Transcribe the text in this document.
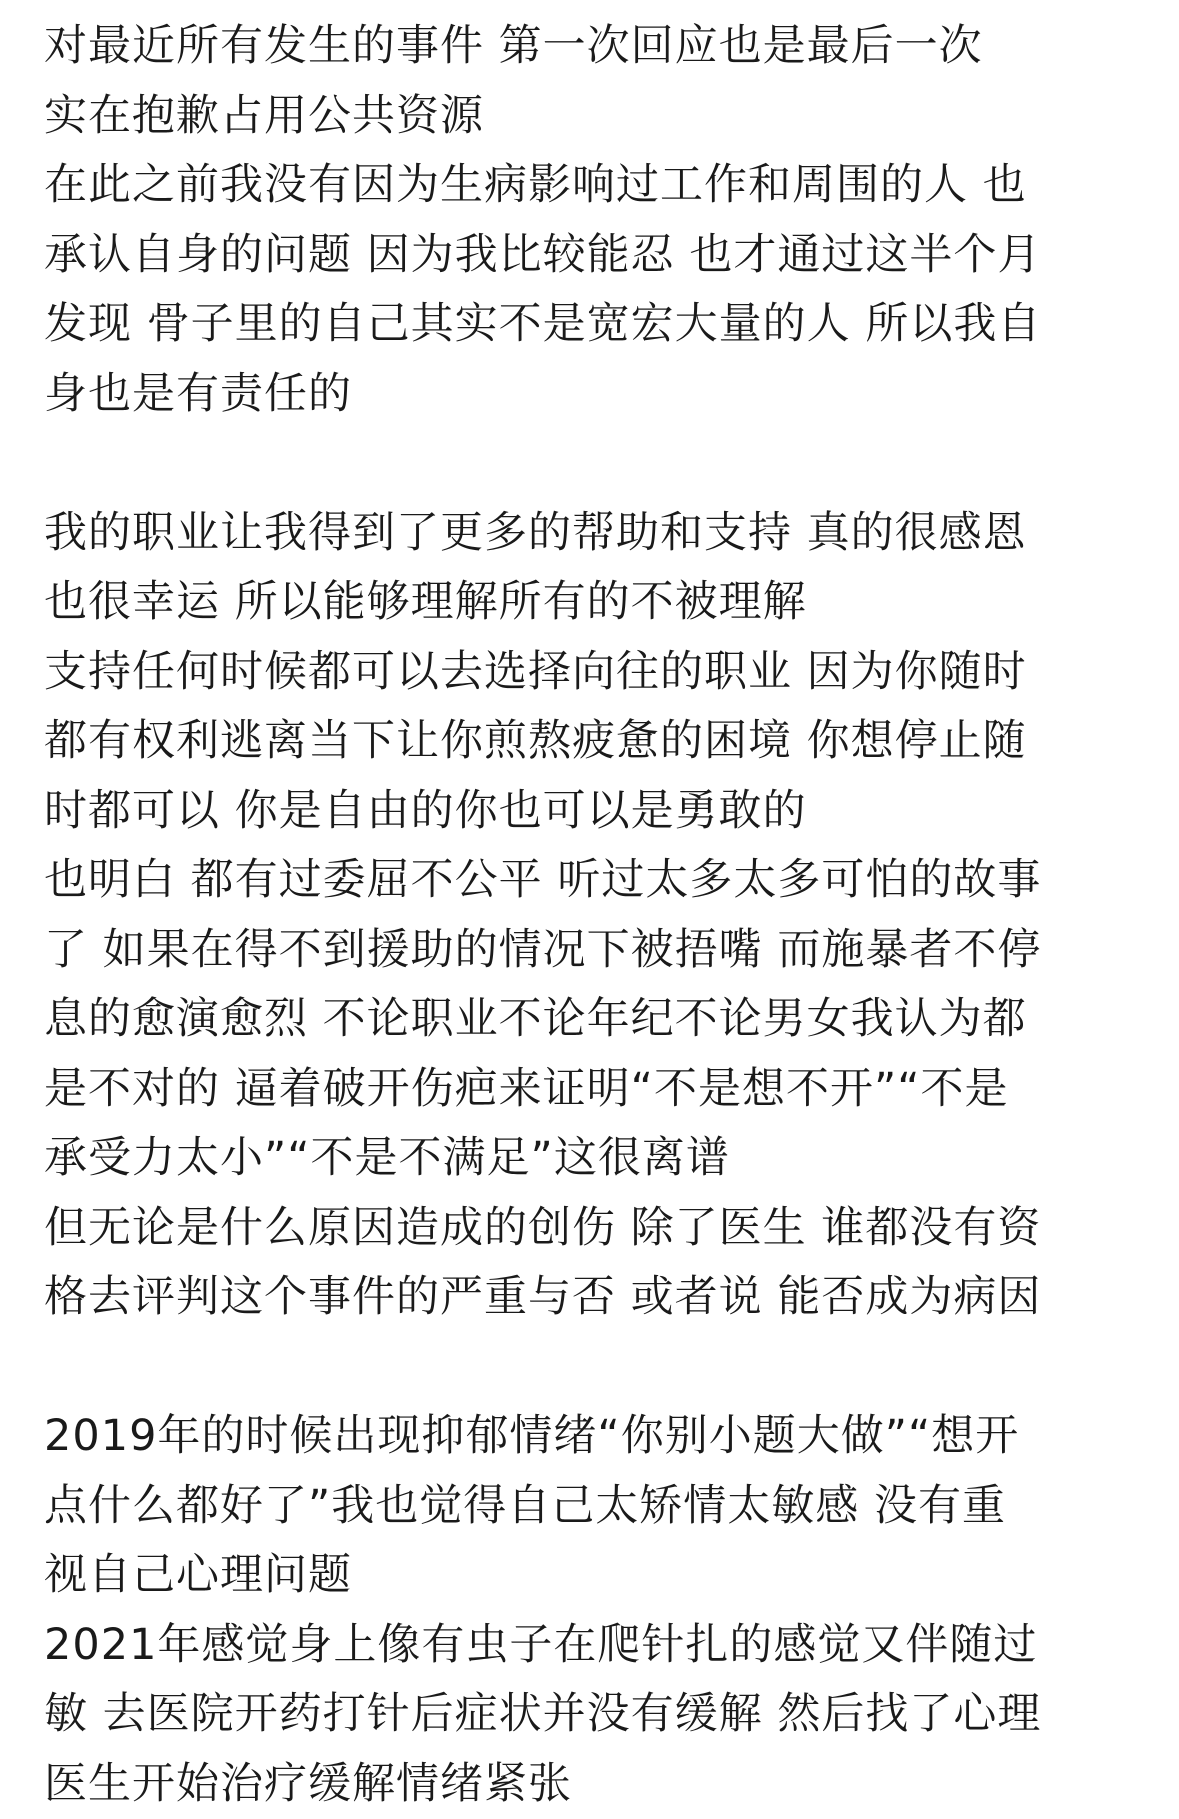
对最近所有发生的事件 第一次回应也是最后一次
实在抱歉占用公共资源
在此之前我没有因为生病影响过工作和周围的人 也
承认自身的问题 因为我比较能忍 也才通过这半个月
发现 骨子里的自己其实不是宽宏大量的人 所以我自
身也是有责任的
我的职业让我得到了更多的帮助和支持 真的很感恩
也很幸运 所以能够理解所有的不被理解
支持任何时候都可以去选择向往的职业 因为你随时
都有权利逃离当下让你煎熬疲惫的困境 你想停止随
时都可以 你是自由的你也可以是勇敢的
也明白 都有过委屈不公平 听过太多太多可怕的故事
了 如果在得不到援助的情况下被捂嘴 而施暴者不停
息的愈演愈烈 不论职业不论年纪不论男女我认为都
是不对的 逼着破开伤疤来证明“不是想不开”“不是
承受力太小”“不是不满足”这很离谱
但无论是什么原因造成的创伤 除了医生 谁都没有资
格去评判这个事件的严重与否 或者说 能否成为病因
2019年的时候出现抑郁情绪“你别小题大做”“想开
点什么都好了”我也觉得自己太矫情太敏感 没有重
视自己心理问题
2021年感觉身上像有虫子在爬针扎的感觉又伴随过
敏 去医院开药打针后症状并没有缓解 然后找了心理
医生开始治疗缓解情绪紧张
